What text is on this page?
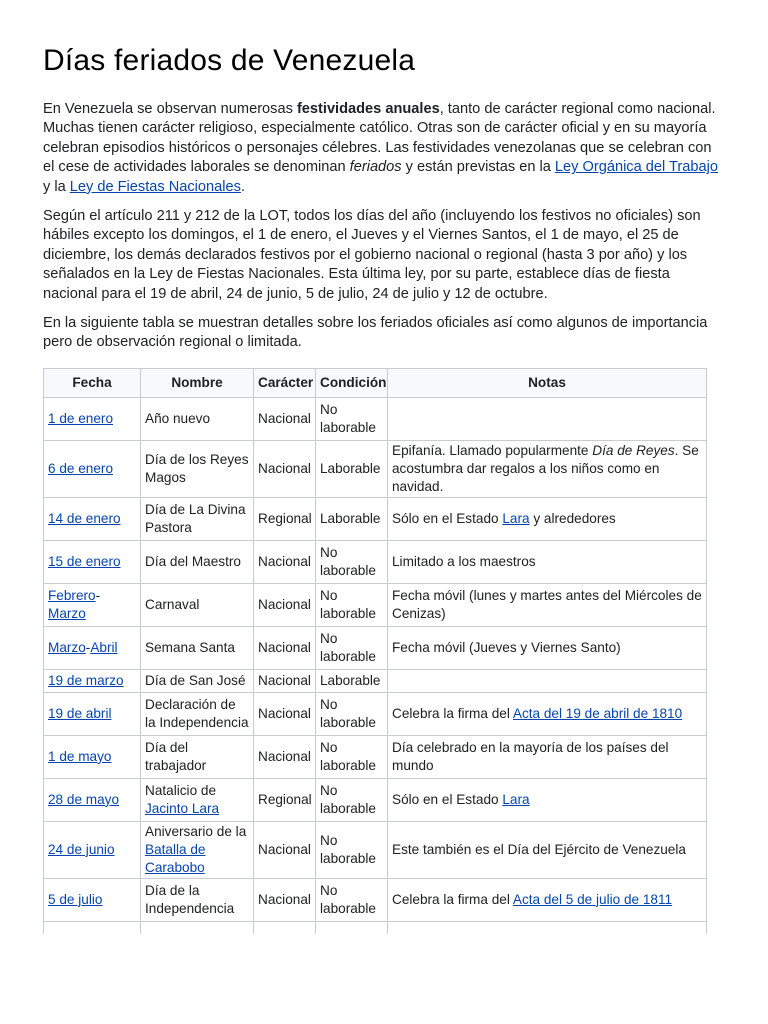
Días feriados de Venezuela

En Venezuela se observan numerosas festividades anuales, tanto de carácter regional como nacional. Muchas tienen carácter religioso, especialmente católico. Otras son de carácter oficial y en su mayoría celebran episodios históricos o personajes célebres. Las festividades venezolanas que se celebran con el cese de actividades laborales se denominan feriados y están previstas en la Ley Orgánica del Trabajo y la Ley de Fiestas Nacionales.

Según el artículo 211 y 212 de la LOT, todos los días del año (incluyendo los festivos no oficiales) son hábiles excepto los domingos, el 1 de enero, el Jueves y el Viernes Santos, el 1 de mayo, el 25 de diciembre, los demás declarados festivos por el gobierno nacional o regional (hasta 3 por año) y los señalados en la Ley de Fiestas Nacionales. Esta última ley, por su parte, establece días de fiesta nacional para el 19 de abril, 24 de junio, 5 de julio, 24 de julio y 12 de octubre.

En la siguiente tabla se muestran detalles sobre los feriados oficiales así como algunos de importancia pero de observación regional o limitada.

Fecha	Nombre	Carácter	Condición	Notas
1 de enero	Año nuevo	Nacional	No laborable	
6 de enero	Día de los Reyes Magos	Nacional	Laborable	Epifanía. Llamado popularmente Día de Reyes. Se acostumbra dar regalos a los niños como en navidad.
14 de enero	Día de La Divina Pastora	Regional	Laborable	Sólo en el Estado Lara y alrededores
15 de enero	Día del Maestro	Nacional	No laborable	Limitado a los maestros
Febrero-Marzo	Carnaval	Nacional	No laborable	Fecha móvil (lunes y martes antes del Miércoles de Cenizas)
Marzo-Abril	Semana Santa	Nacional	No laborable	Fecha móvil (Jueves y Viernes Santo)
19 de marzo	Día de San José	Nacional	Laborable	
19 de abril	Declaración de la Independencia	Nacional	No laborable	Celebra la firma del Acta del 19 de abril de 1810
1 de mayo	Día del trabajador	Nacional	No laborable	Día celebrado en la mayoría de los países del mundo
28 de mayo	Natalicio de Jacinto Lara	Regional	No laborable	Sólo en el Estado Lara
24 de junio	Aniversario de la Batalla de Carabobo	Nacional	No laborable	Este también es el Día del Ejército de Venezuela
5 de julio	Día de la Independencia	Nacional	No laborable	Celebra la firma del Acta del 5 de julio de 1811
